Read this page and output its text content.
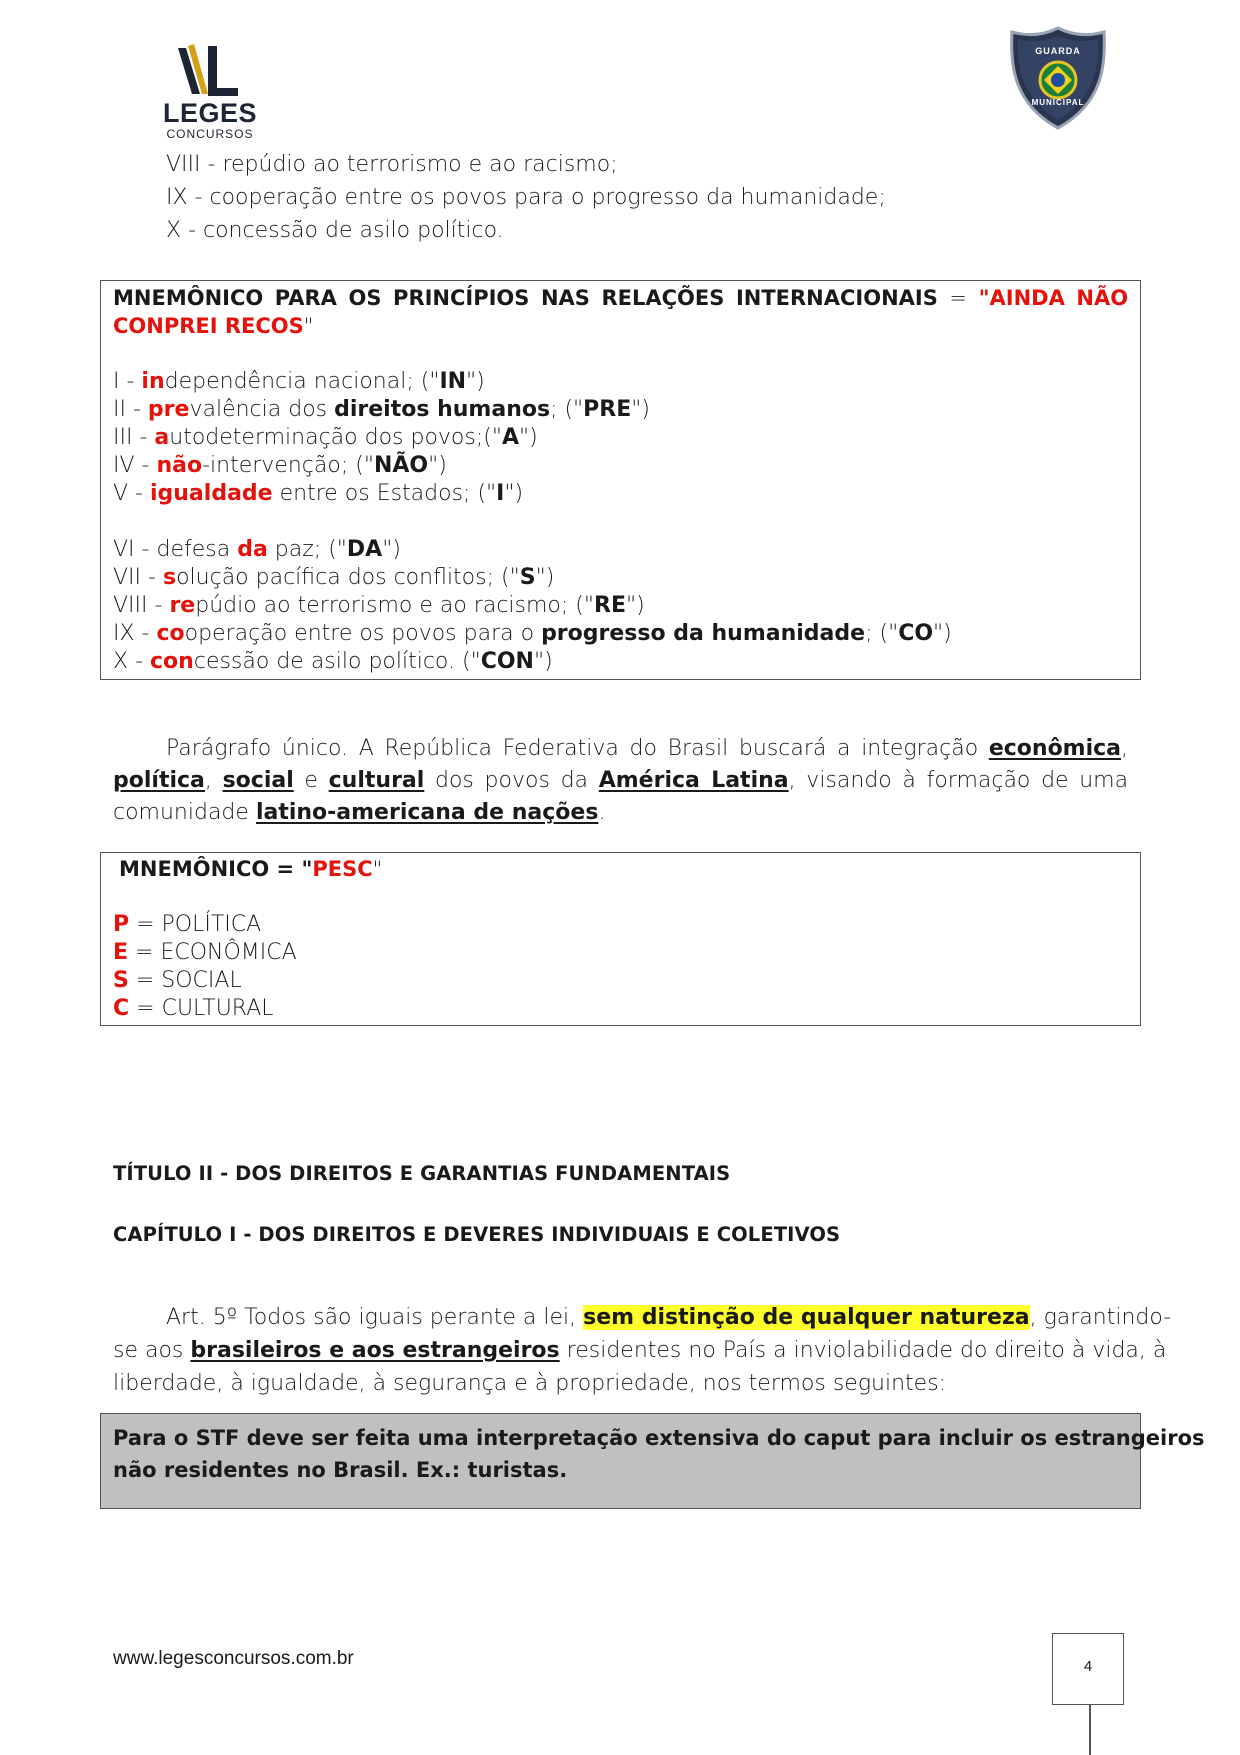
LEGES
CONCURSOS
GUARDA
MUNICIPAL
VIII - repúdio ao terrorismo e ao racismo;
IX - cooperação entre os povos para o progresso da humanidade;
X - concessão de asilo político.
MNEMÔNICO PARA OS PRINCÍPIOS NAS RELAÇÕES INTERNACIONAIS = "AINDA NÃO
CONPREI RECOS"
I - independência nacional; ("IN")
II - prevalência dos direitos humanos; ("PRE")
III - autodeterminação dos povos;("A")
IV - não-intervenção; ("NÃO")
V - igualdade entre os Estados; ("I")
VI - defesa da paz; ("DA")
VII - solução pacífica dos conflitos; ("S")
VIII - repúdio ao terrorismo e ao racismo; ("RE")
IX - cooperação entre os povos para o progresso da humanidade; ("CO")
X - concessão de asilo político. ("CON")
Parágrafo único. A República Federativa do Brasil buscará a integração econômica,
política, social e cultural dos povos da América Latina, visando à formação de uma
comunidade latino-americana de nações.
MNEMÔNICO = "PESC"
P = POLÍTICA
E = ECONÔMICA
S = SOCIAL
C = CULTURAL
TÍTULO II - DOS DIREITOS E GARANTIAS FUNDAMENTAIS
CAPÍTULO I - DOS DIREITOS E DEVERES INDIVIDUAIS E COLETIVOS
Art. 5º Todos são iguais perante a lei, sem distinção de qualquer natureza, garantindo-
se aos brasileiros e aos estrangeiros residentes no País a inviolabilidade do direito à vida, à
liberdade, à igualdade, à segurança e à propriedade, nos termos seguintes:
Para o STF deve ser feita uma interpretação extensiva do caput para incluir os estrangeiros
não residentes no Brasil. Ex.: turistas.
www.legesconcursos.com.br	4
